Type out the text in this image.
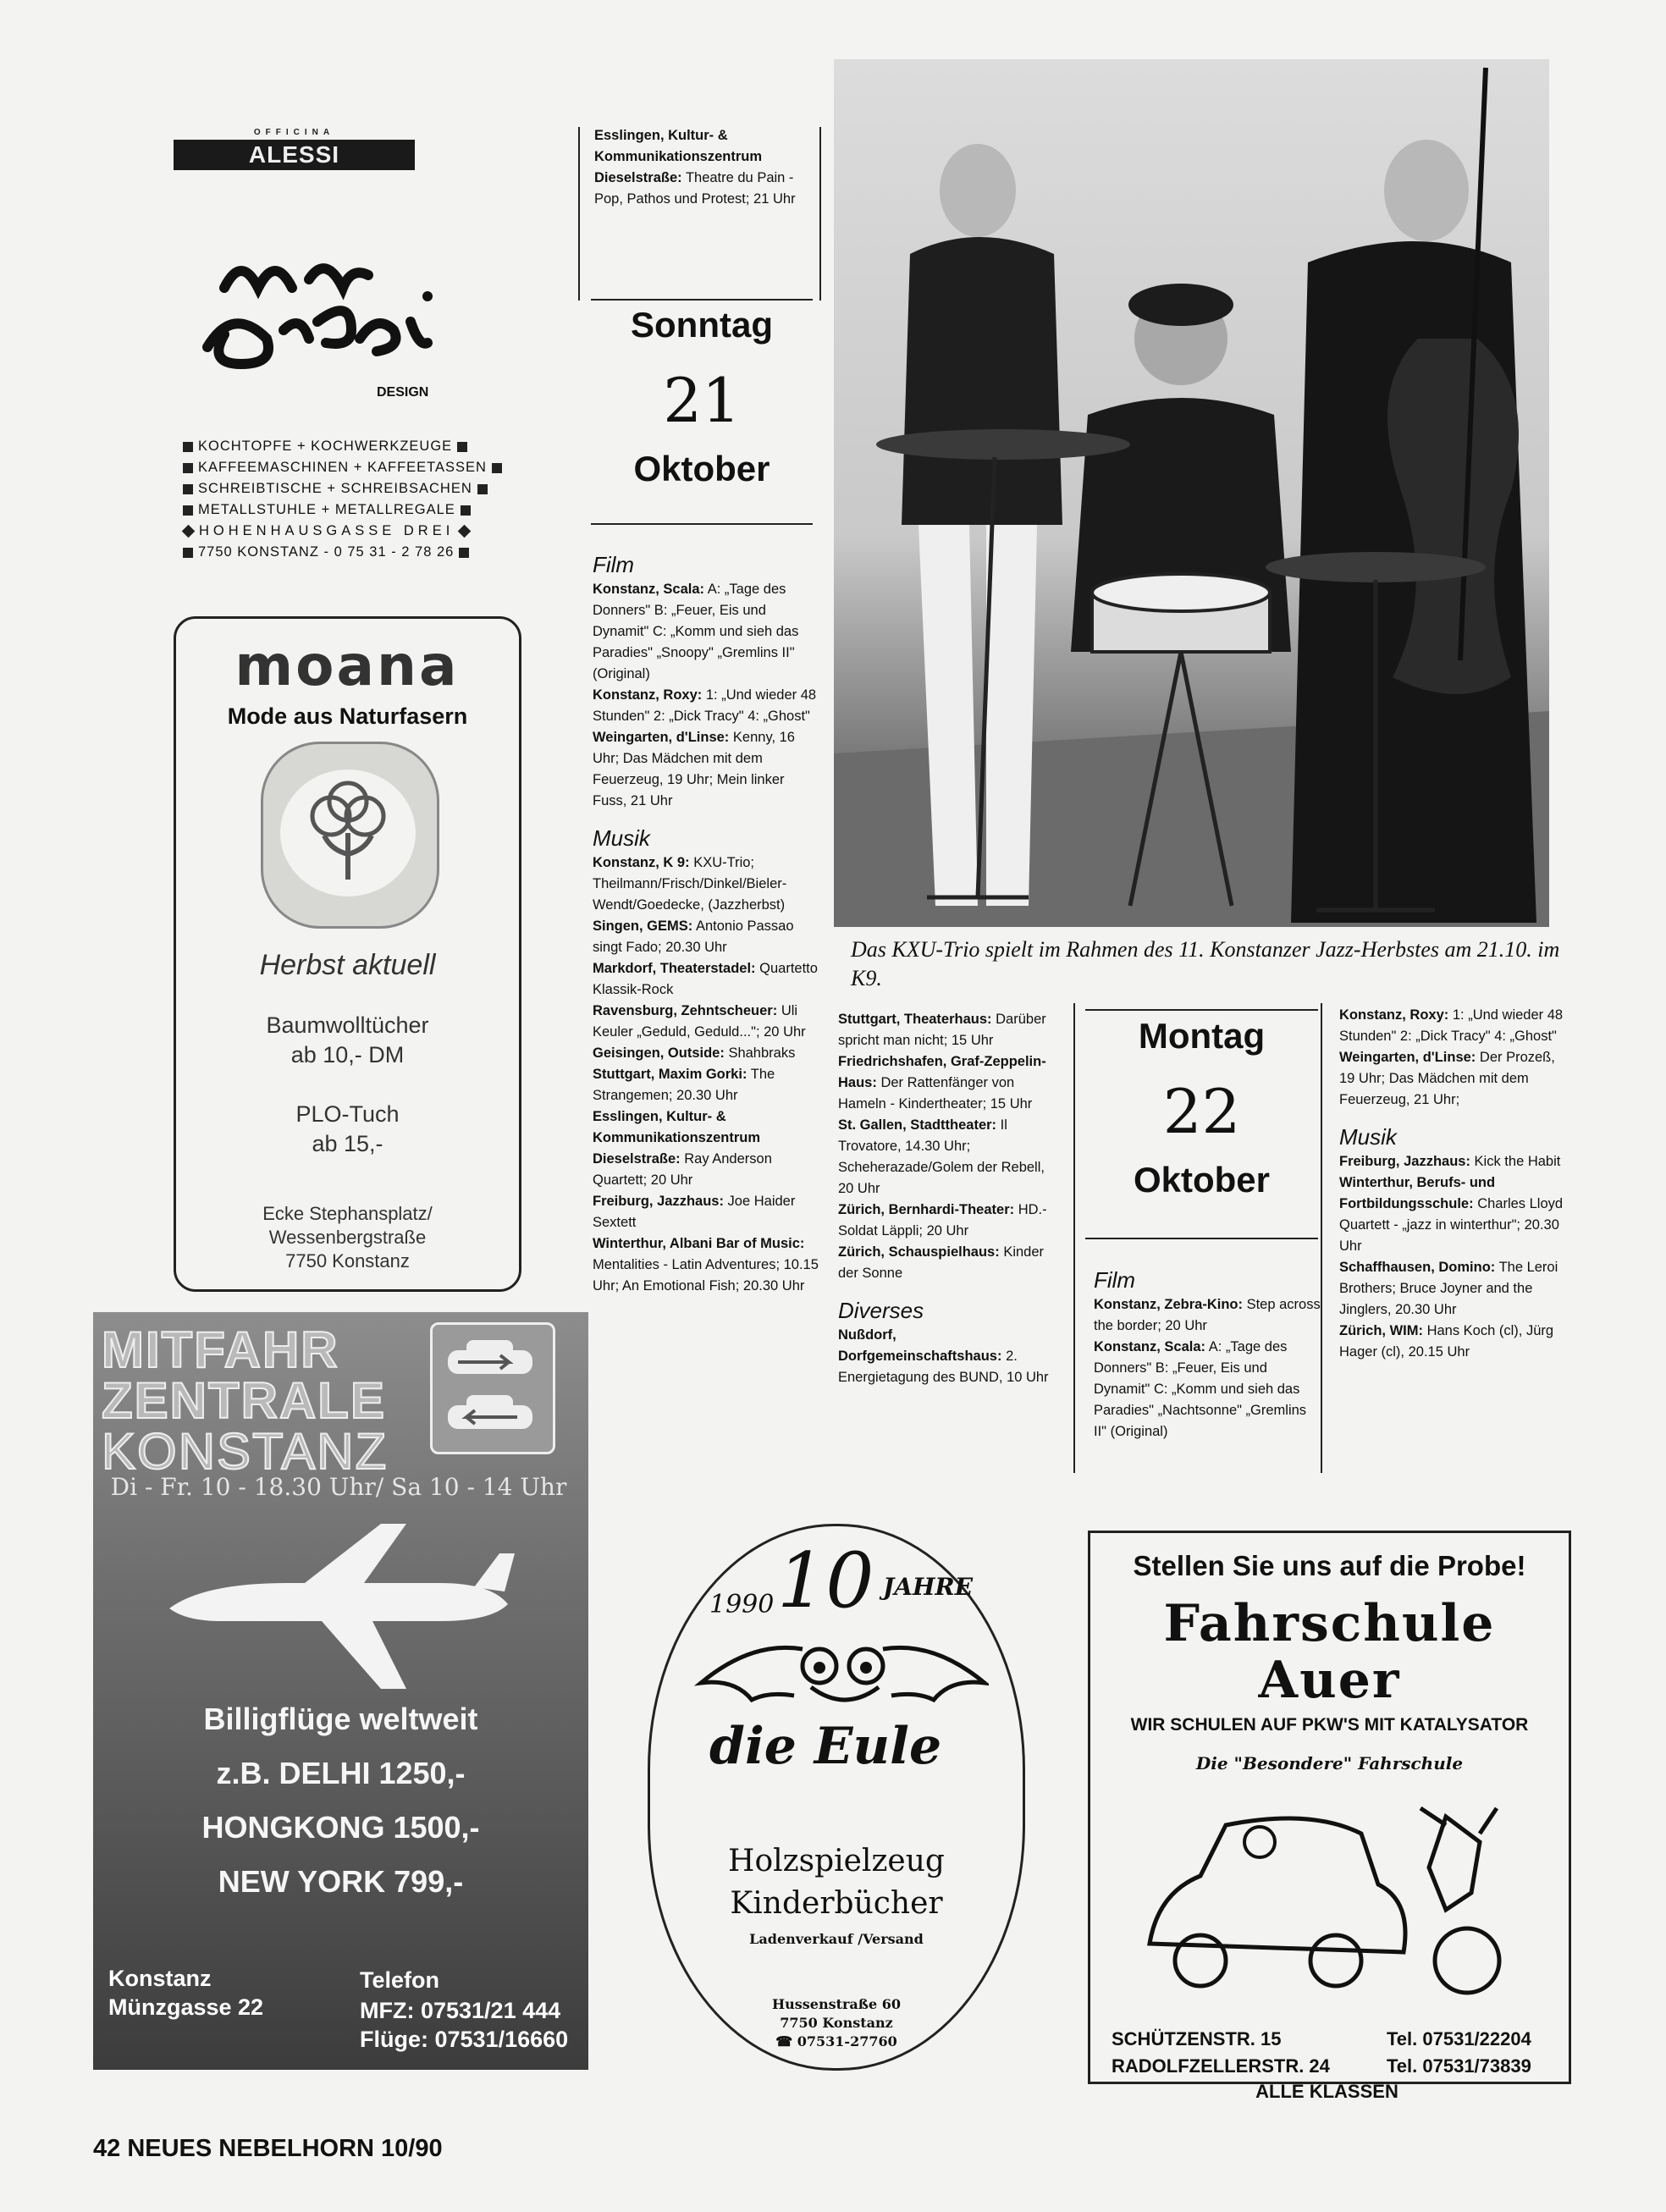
OFFICINA
ALESSI
DESIGN
KOCHTOPFE + KOCHWERKZEUGE
KAFFEEMASCHINEN + KAFFEETASSEN
SCHREIBTISCHE + SCHREIBSACHEN
METALLSTUHLE + METALLREGALE
HOHENHAUSGASSE DREI
7750 KONSTANZ - 0 75 31 - 2 78 26
moana
Mode aus Naturfasern
Herbst aktuell
Baumwolltücher
ab 10,- DM
PLO-Tuch
ab 15,-
Ecke Stephansplatz/
Wessenbergstraße
7750 Konstanz
MITFAHR
ZENTRALE
KONSTANZ
Di - Fr. 10 - 18.30 Uhr/ Sa 10 - 14 Uhr
Billigflüge weltweit
z.B. DELHI 1250,-
HONGKONG 1500,-
NEW YORK 799,-
Konstanz
Münzgasse 22
Telefon
MFZ: 07531/21 444
Flüge: 07531/16660

Esslingen, Kultur- & Kommunikationszentrum Dieselstraße: Theatre du Pain - Pop, Pathos und Protest; 21 Uhr

Sonntag
21
Oktober
Film

Konstanz, Scala: A: „Tage des Donners" B: „Feuer, Eis und Dynamit" C: „Komm und sieh das Paradies" „Snoopy" „Gremlins II" (Original)

Konstanz, Roxy: 1: „Und wieder 48 Stunden" 2: „Dick Tracy" 4: „Ghost"

Weingarten, d'Linse: Kenny, 16 Uhr; Das Mädchen mit dem Feuerzeug, 19 Uhr; Mein linker Fuss, 21 Uhr

Musik

Konstanz, K 9: KXU-Trio; Theilmann/Frisch/Dinkel/Bieler-Wendt/Goedecke, (Jazzherbst)

Singen, GEMS: Antonio Passao singt Fado; 20.30 Uhr

Markdorf, Theaterstadel: Quartetto Klassik-Rock

Ravensburg, Zehntscheuer: Uli Keuler „Geduld, Geduld..."; 20 Uhr

Geisingen, Outside: Shahbraks

Stuttgart, Maxim Gorki: The Strangemen; 20.30 Uhr

Esslingen, Kultur- & Kommunikationszentrum Dieselstraße: Ray Anderson Quartett; 20 Uhr

Freiburg, Jazzhaus: Joe Haider Sextett

Winterthur, Albani Bar of Music: Mentalities - Latin Adventures; 10.15 Uhr; An Emotional Fish; 20.30 Uhr

Das KXU-Trio spielt im Rahmen des 11. Konstanzer Jazz-Herbstes am 21.10. im K9.

Stuttgart, Theaterhaus: Darüber spricht man nicht; 15 Uhr

Friedrichshafen, Graf-Zeppelin-Haus: Der Rattenfänger von Hameln - Kindertheater; 15 Uhr

St. Gallen, Stadttheater: Il Trovatore, 14.30 Uhr; Scheherazade/Golem der Rebell, 20 Uhr

Zürich, Bernhardi-Theater: HD.-Soldat Läppli; 20 Uhr

Zürich, Schauspielhaus: Kinder der Sonne

Diverses

Nußdorf, Dorfgemeinschaftshaus: 2. Energietagung des BUND, 10 Uhr

Montag
22
Oktober
Film

Konstanz, Zebra-Kino: Step across the border; 20 Uhr

Konstanz, Scala: A: „Tage des Donners" B: „Feuer, Eis und Dynamit" C: „Komm und sieh das Paradies" „Nachtsonne" „Gremlins II" (Original)

Konstanz, Roxy: 1: „Und wieder 48 Stunden" 2: „Dick Tracy" 4: „Ghost"

Weingarten, d'Linse: Der Prozeß, 19 Uhr; Das Mädchen mit dem Feuerzeug, 21 Uhr;

Musik

Freiburg, Jazzhaus: Kick the Habit

Winterthur, Berufs- und Fortbildungsschule: Charles Lloyd Quartett - „jazz in winterthur"; 20.30 Uhr

Schaffhausen, Domino: The Leroi Brothers; Bruce Joyner and the Jinglers, 20.30 Uhr

Zürich, WIM: Hans Koch (cl), Jürg Hager (cl), 20.15 Uhr

1990 10 JAHRE
die Eule
Holzspielzeug
Kinderbücher
Ladenverkauf /Versand
Hussenstraße 60
7750 Konstanz
☎ 07531-27760
Stellen Sie uns auf die Probe!
Fahrschule
Auer
WIR SCHULEN AUF PKW'S MIT KATALYSATOR
Die "Besondere" Fahrschule
SCHÜTZENSTR. 15	Tel. 07531/22204
RADOLFZELLERSTR. 24	Tel. 07531/73839
ALLE KLASSEN
42 NEUES NEBELHORN 10/90
